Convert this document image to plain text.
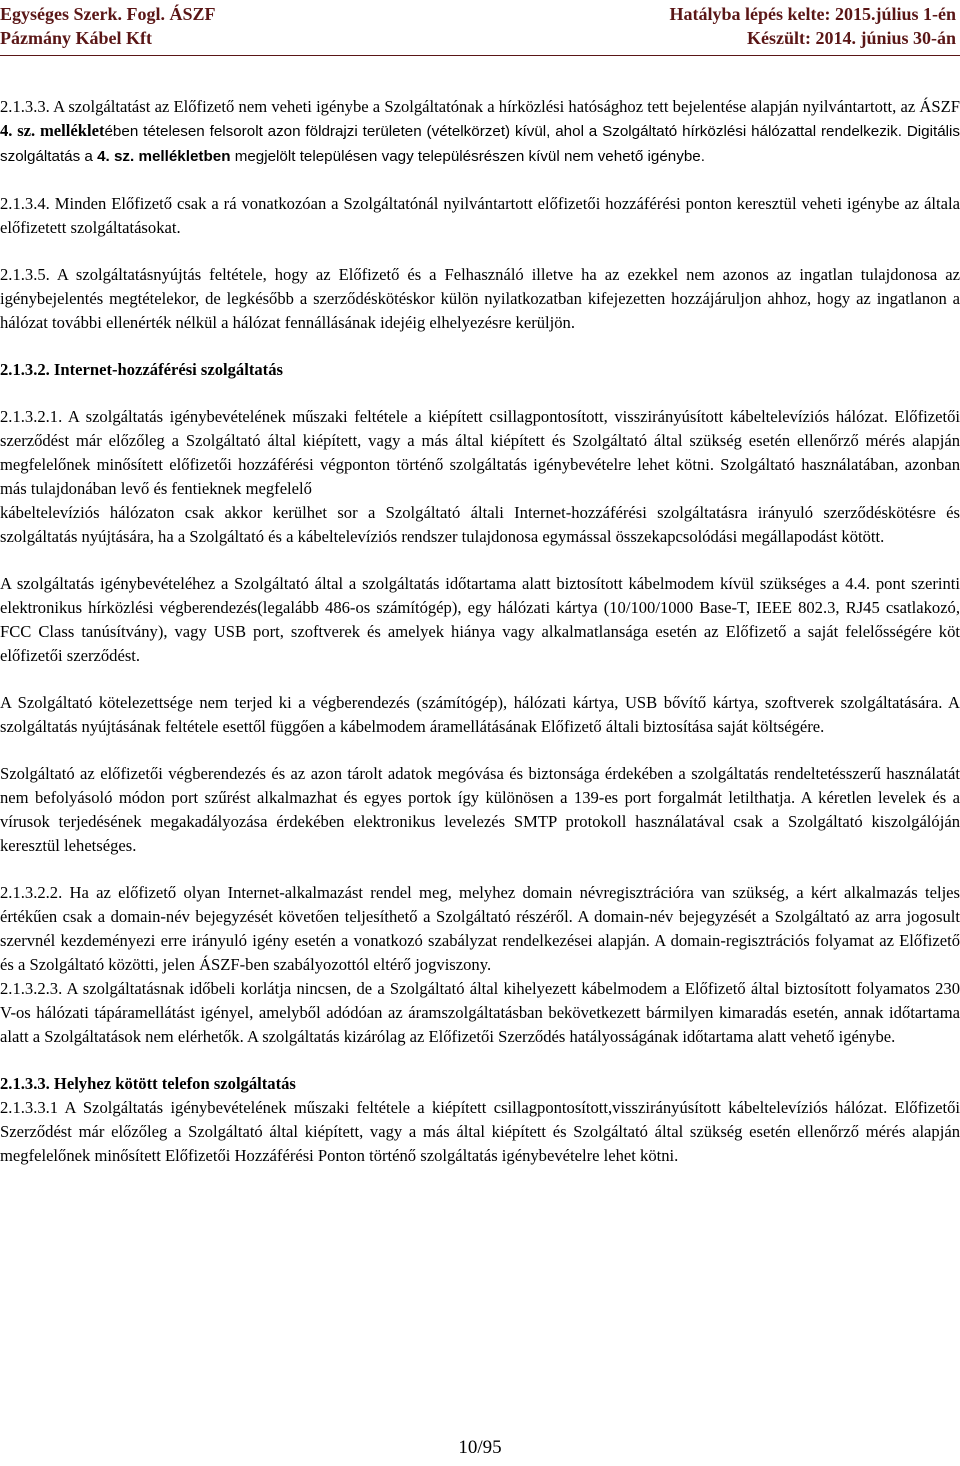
Egységes Szerk. Fogl. ÁSZF
Pázmány Kábel Kft
Hatályba lépés kelte: 2015.július 1-én
Készült: 2014. június 30-án

2.1.3.3. A szolgáltatást az Előfizető nem veheti igénybe a Szolgáltatónak a hírközlési hatósághoz tett bejelentése alapján nyilvántartott, az ÁSZF 4. sz. mellékletében tételesen felsorolt azon földrajzi területen (vételkörzet) kívül, ahol a Szolgáltató hírközlési hálózattal rendelkezik. Digitális szolgáltatás a 4. sz. mellékletben megjelölt településen vagy településrészen kívül nem vehető igénybe.

2.1.3.4. Minden Előfizető csak a rá vonatkozóan a Szolgáltatónál nyilvántartott előfizetői hozzáférési ponton keresztül veheti igénybe az általa előfizetett szolgáltatásokat.

2.1.3.5. A szolgáltatásnyújtás feltétele, hogy az Előfizető és a Felhasználó illetve ha az ezekkel nem azonos az ingatlan tulajdonosa az igénybejelentés megtételekor, de legkésőbb a szerződéskötéskor külön nyilatkozatban kifejezetten hozzájáruljon ahhoz, hogy az ingatlanon a hálózat további ellenérték nélkül a hálózat fennállásának idejéig elhelyezésre kerüljön.

2.1.3.2. Internet-hozzáférési szolgáltatás

2.1.3.2.1. A szolgáltatás igénybevételének műszaki feltétele a kiépített csillagpontosított, visszirányúsított kábeltelevíziós hálózat. Előfizetői szerződést már előzőleg a Szolgáltató által kiépített, vagy a más által kiépített és Szolgáltató által szükség esetén ellenőrző mérés alapján megfelelőnek minősített előfizetői hozzáférési végponton történő szolgáltatás igénybevételre lehet kötni. Szolgáltató használatában, azonban más tulajdonában levő és fentieknek megfelelő

kábeltelevíziós hálózaton csak akkor kerülhet sor a Szolgáltató általi Internet-hozzáférési szolgáltatásra irányuló szerződéskötésre és szolgáltatás nyújtására, ha a Szolgáltató és a kábeltelevíziós rendszer tulajdonosa egymással összekapcsolódási megállapodást kötött.

A szolgáltatás igénybevételéhez a Szolgáltató által a szolgáltatás időtartama alatt biztosított kábelmodem kívül szükséges a 4.4. pont szerinti elektronikus hírközlési végberendezés(legalább 486-os számítógép), egy hálózati kártya (10/100/1000 Base-T, IEEE 802.3, RJ45 csatlakozó, FCC Class tanúsítvány), vagy USB port, szoftverek és amelyek hiánya vagy alkalmatlansága esetén az Előfizető a saját felelősségére köt előfizetői szerződést.

A Szolgáltató kötelezettsége nem terjed ki a végberendezés (számítógép), hálózati kártya, USB bővítő kártya, szoftverek szolgáltatására. A szolgáltatás nyújtásának feltétele esettől függően a kábelmodem áramellátásának Előfizető általi biztosítása saját költségére.

Szolgáltató az előfizetői végberendezés és az azon tárolt adatok megóvása és biztonsága érdekében a szolgáltatás rendeltetésszerű használatát nem befolyásoló módon port szűrést alkalmazhat és egyes portok így különösen a 139-es port forgalmát letilthatja. A kéretlen levelek és a vírusok terjedésének megakadályozása érdekében elektronikus levelezés SMTP protokoll használatával csak a Szolgáltató kiszolgálóján keresztül lehetséges.

2.1.3.2.2. Ha az előfizető olyan Internet-alkalmazást rendel meg, melyhez domain névregisztrációra van szükség, a kért alkalmazás teljes értékűen csak a domain-név bejegyzését követően teljesíthető a Szolgáltató részéről. A domain-név bejegyzését a Szolgáltató az arra jogosult szervnél kezdeményezi erre irányuló igény esetén a vonatkozó szabályzat rendelkezései alapján. A domain-regisztrációs folyamat az Előfizető és a Szolgáltató közötti, jelen ÁSZF-ben szabályozottól eltérő jogviszony.

2.1.3.2.3. A szolgáltatásnak időbeli korlátja nincsen, de a Szolgáltató által kihelyezett kábelmodem a Előfizető által biztosított folyamatos 230 V-os hálózati tápáramellátást igényel, amelyből adódóan az áramszolgáltatásban bekövetkezett bármilyen kimaradás esetén, annak időtartama alatt a Szolgáltatások nem elérhetők. A szolgáltatás kizárólag az Előfizetői Szerződés hatályosságának időtartama alatt vehető igénybe.

2.1.3.3. Helyhez kötött telefon szolgáltatás

2.1.3.3.1 A Szolgáltatás igénybevételének műszaki feltétele a kiépített csillagpontosított,visszirányúsított kábeltelevíziós hálózat. Előfizetői Szerződést már előzőleg a Szolgáltató által kiépített, vagy a más által kiépített és Szolgáltató által szükség esetén ellenőrző mérés alapján megfelelőnek minősített Előfizetői Hozzáférési Ponton történő szolgáltatás igénybevételre lehet kötni.

10/95
